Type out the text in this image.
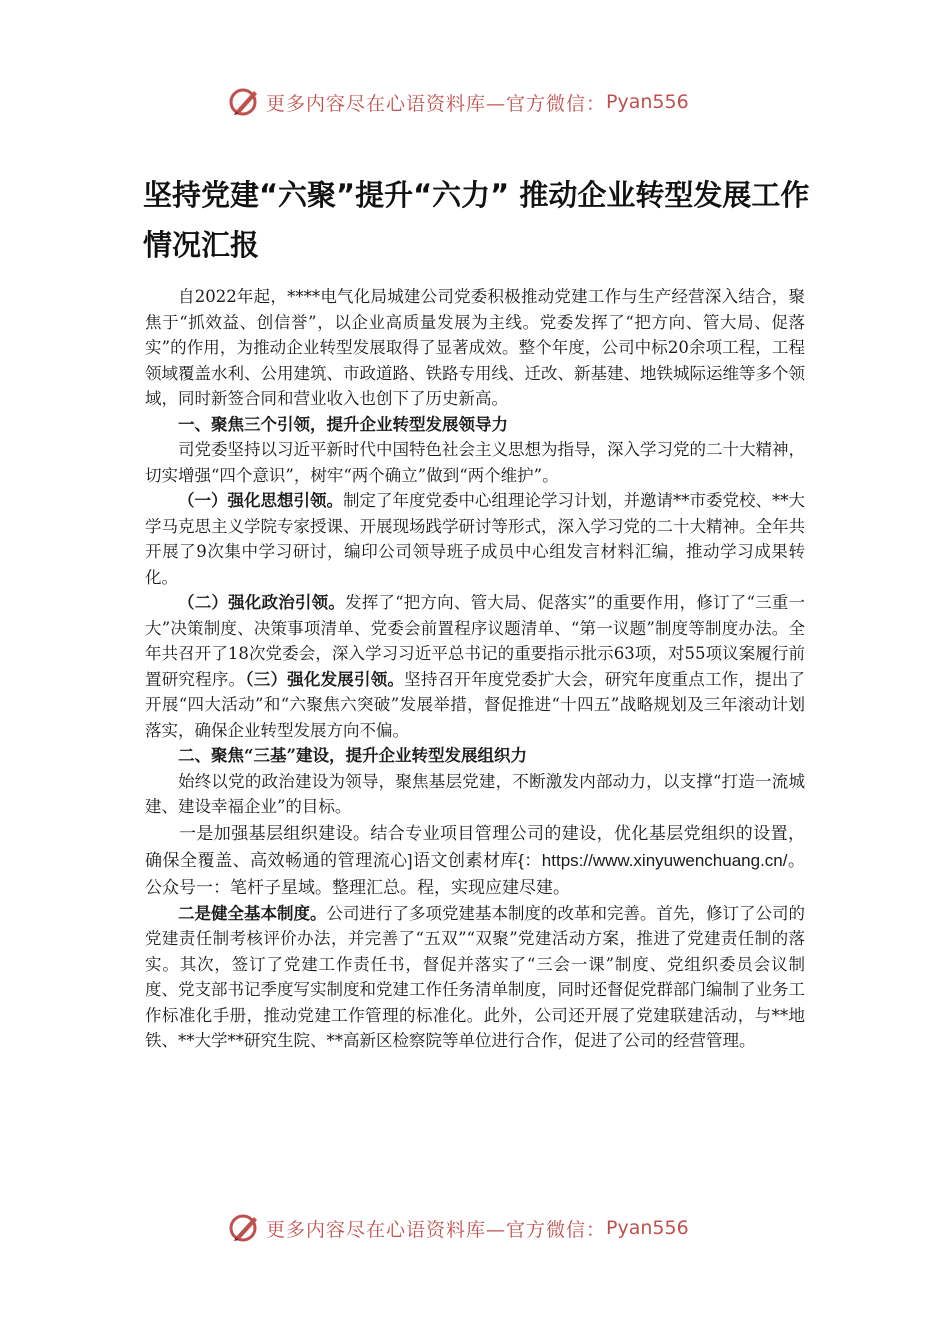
更多内容尽在心语资料库—官方微信： Pyan556
坚持党建“六聚”提升“六力” 推动企业转型发展工作情况汇报

自2022年起，****电气化局城建公司党委积极推动党建工作与生产经营深入结合，聚焦于“抓效益、创信誉”，以企业高质量发展为主线。党委发挥了“把方向、管大局、促落实”的作用，为推动企业转型发展取得了显著成效。整个年度，公司中标20余项工程，工程领域覆盖水利、公用建筑、市政道路、铁路专用线、迁改、新基建、地铁城际运维等多个领域，同时新签合同和营业收入也创下了历史新高。

一、聚焦三个引领，提升企业转型发展领导力

司党委坚持以习近平新时代中国特色社会主义思想为指导，深入学习党的二十大精神，切实增强“四个意识”，树牢“两个确立”做到“两个维护”。

（一）强化思想引领。制定了年度党委中心组理论学习计划，并邀请**市委党校、**大学马克思主义学院专家授课、开展现场践学研讨等形式，深入学习党的二十大精神。全年共开展了9次集中学习研讨，编印公司领导班子成员中心组发言材料汇编，推动学习成果转化。

（二）强化政治引领。发挥了“把方向、管大局、促落实”的重要作用，修订了“三重一大”决策制度、决策事项清单、党委会前置程序议题清单、“第一议题”制度等制度办法。全年共召开了18次党委会，深入学习习近平总书记的重要指示批示63项，对55项议案履行前置研究程序。（三）强化发展引领。坚持召开年度党委扩大会，研究年度重点工作，提出了开展“四大活动”和“六聚焦六突破”发展举措，督促推进“十四五”战略规划及三年滚动计划落实，确保企业转型发展方向不偏。

二、聚焦“三基”建设，提升企业转型发展组织力

始终以党的政治建设为领导，聚焦基层党建，不断激发内部动力，以支撑“打造一流城建、建设幸福企业”的目标。

一是加强基层组织建设。结合专业项目管理公司的建设，优化基层党组织的设置，确保全覆盖、高效畅通的管理流心]语文创素材库{：https://www.xinyuwenchuang.cn/。公众号一：笔杆子星域。整理汇总。程，实现应建尽建。

二是健全基本制度。公司进行了多项党建基本制度的改革和完善。首先，修订了公司的党建责任制考核评价办法，并完善了“五双”“双聚”党建活动方案，推进了党建责任制的落实。其次，签订了党建工作责任书，督促并落实了“三会一课”制度、党组织委员会议制度、党支部书记季度写实制度和党建工作任务清单制度，同时还督促党群部门编制了业务工作标准化手册，推动党建工作管理的标准化。此外，公司还开展了党建联建活动，与**地铁、**大学**研究生院、**高新区检察院等单位进行合作，促进了公司的经营管理。

更多内容尽在心语资料库—官方微信： Pyan556
